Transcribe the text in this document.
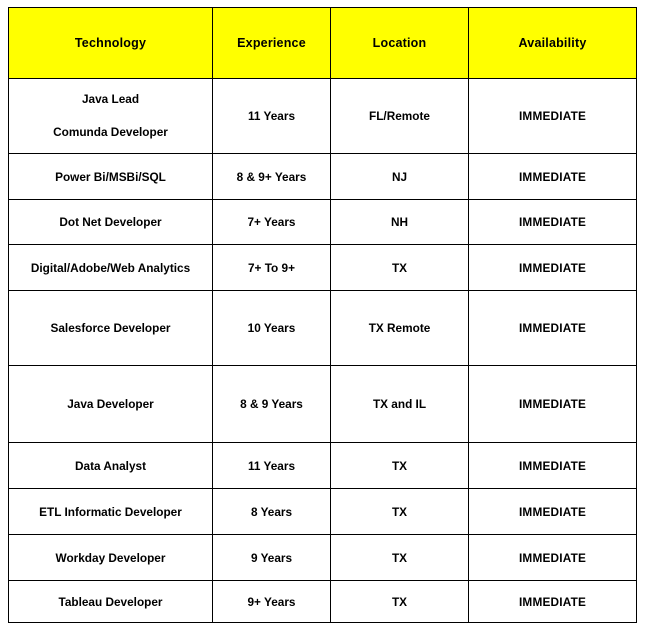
Technology	Experience	Location	Availability

Java Lead
Comunda Developer	11 Years	FL/Remote	IMMEDIATE
Power Bi/MSBi/SQL	8 & 9+ Years	NJ	IMMEDIATE
Dot Net Developer	7+ Years	NH	IMMEDIATE
Digital/Adobe/Web Analytics	7+ To 9+	TX	IMMEDIATE
Salesforce Developer	10 Years	TX Remote	IMMEDIATE
Java Developer	8 & 9 Years	TX and IL	IMMEDIATE
Data Analyst	11 Years	TX	IMMEDIATE
ETL Informatic Developer	8 Years	TX	IMMEDIATE
Workday Developer	9 Years	TX	IMMEDIATE
Tableau Developer	9+ Years	TX	IMMEDIATE
